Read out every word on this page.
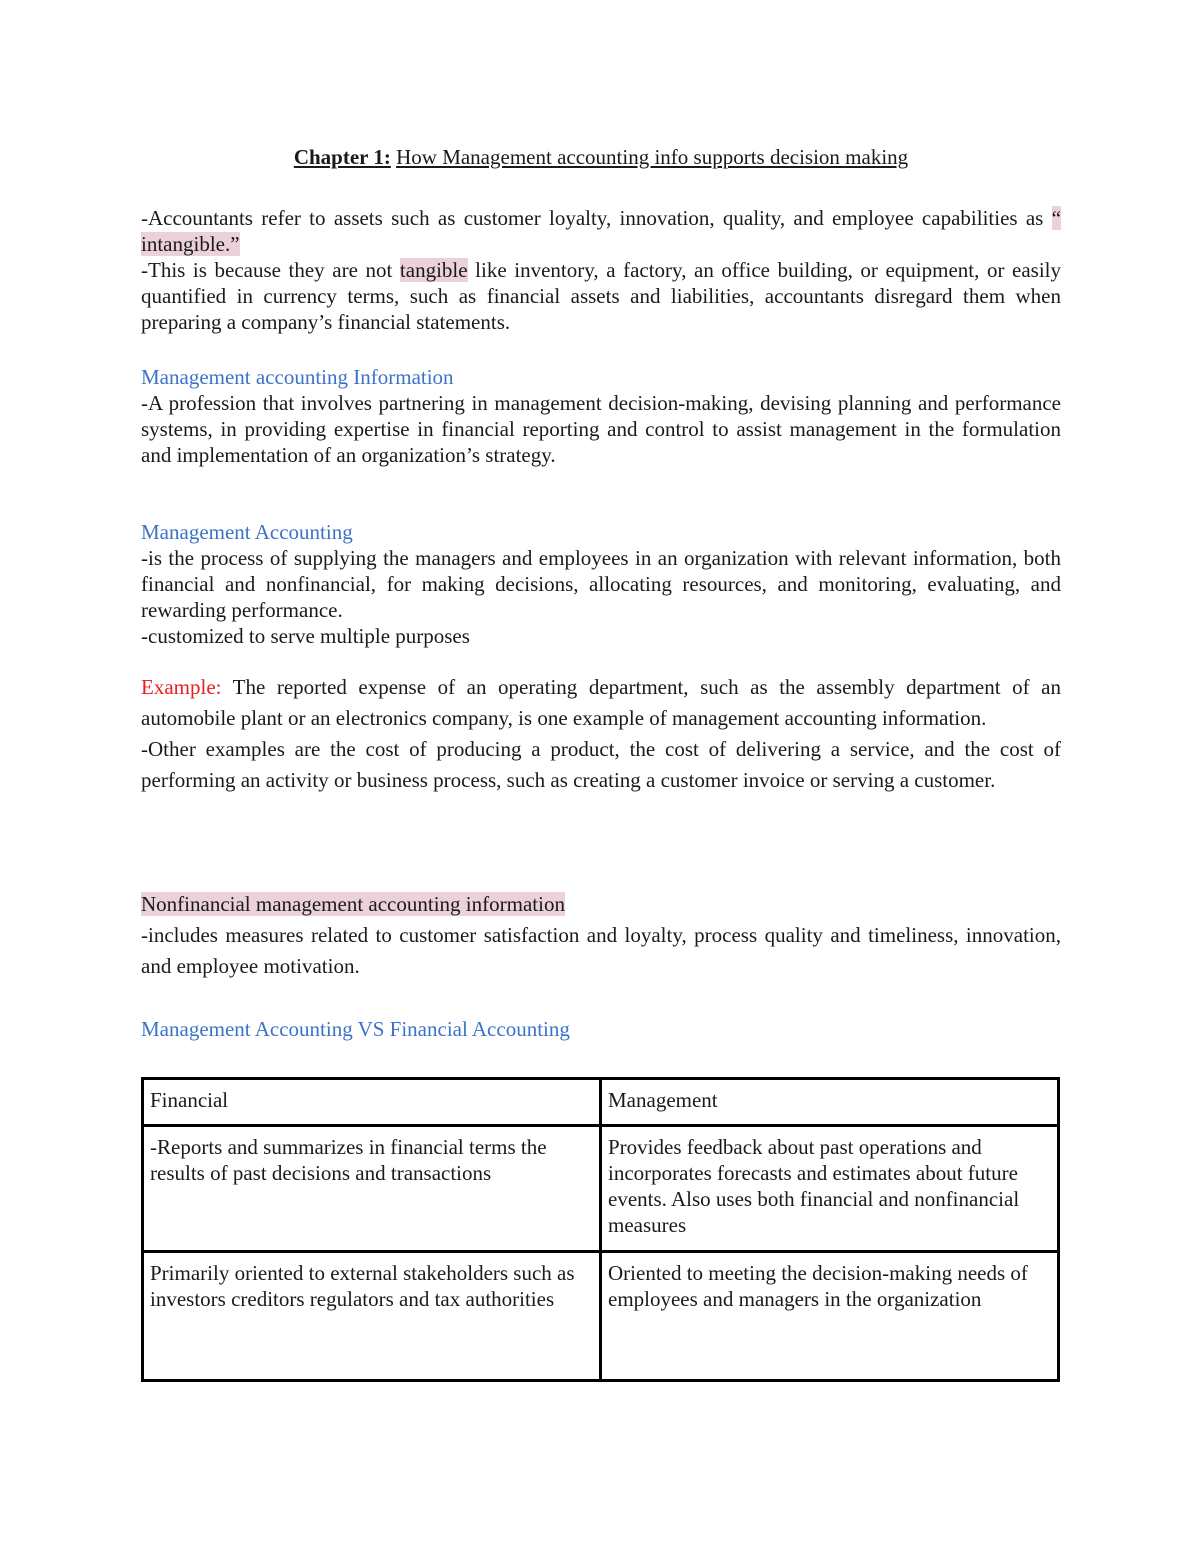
Chapter 1: How Management accounting info supports decision making

-Accountants refer to assets such as customer loyalty, innovation, quality, and employee capabilities as “ intangible.”

-This is because they are not tangible like inventory, a factory, an office building, or equipment, or easily quantified in currency terms, such as financial assets and liabilities, accountants disregard them when preparing a company’s financial statements.

Management accounting Information

-A profession that involves partnering in management decision-making, devising planning and performance systems, in providing expertise in financial reporting and control to assist management in the formulation and implementation of an organization’s strategy.

Management Accounting

-is the process of supplying the managers and employees in an organization with relevant information, both financial and nonfinancial, for making decisions, allocating resources, and monitoring, evaluating, and rewarding performance.

-customized to serve multiple purposes

Example: The reported expense of an operating department, such as the assembly department of an automobile plant or an electronics company, is one example of management accounting information.

-Other examples are the cost of producing a product, the cost of delivering a service, and the cost of performing an activity or business process, such as creating a customer invoice or serving a customer.

Nonfinancial management accounting information

-includes measures related to customer satisfaction and loyalty, process quality and timeliness, innovation, and employee motivation.

Management Accounting VS Financial Accounting

Financial	Management
-Reports and summarizes in financial terms the results of past decisions and transactions	Provides feedback about past operations and incorporates forecasts and estimates about future events. Also uses both financial and nonfinancial measures
Primarily oriented to external stakeholders such as investors creditors regulators and tax authorities	Oriented to meeting the decision-making needs of employees and managers in the organization
